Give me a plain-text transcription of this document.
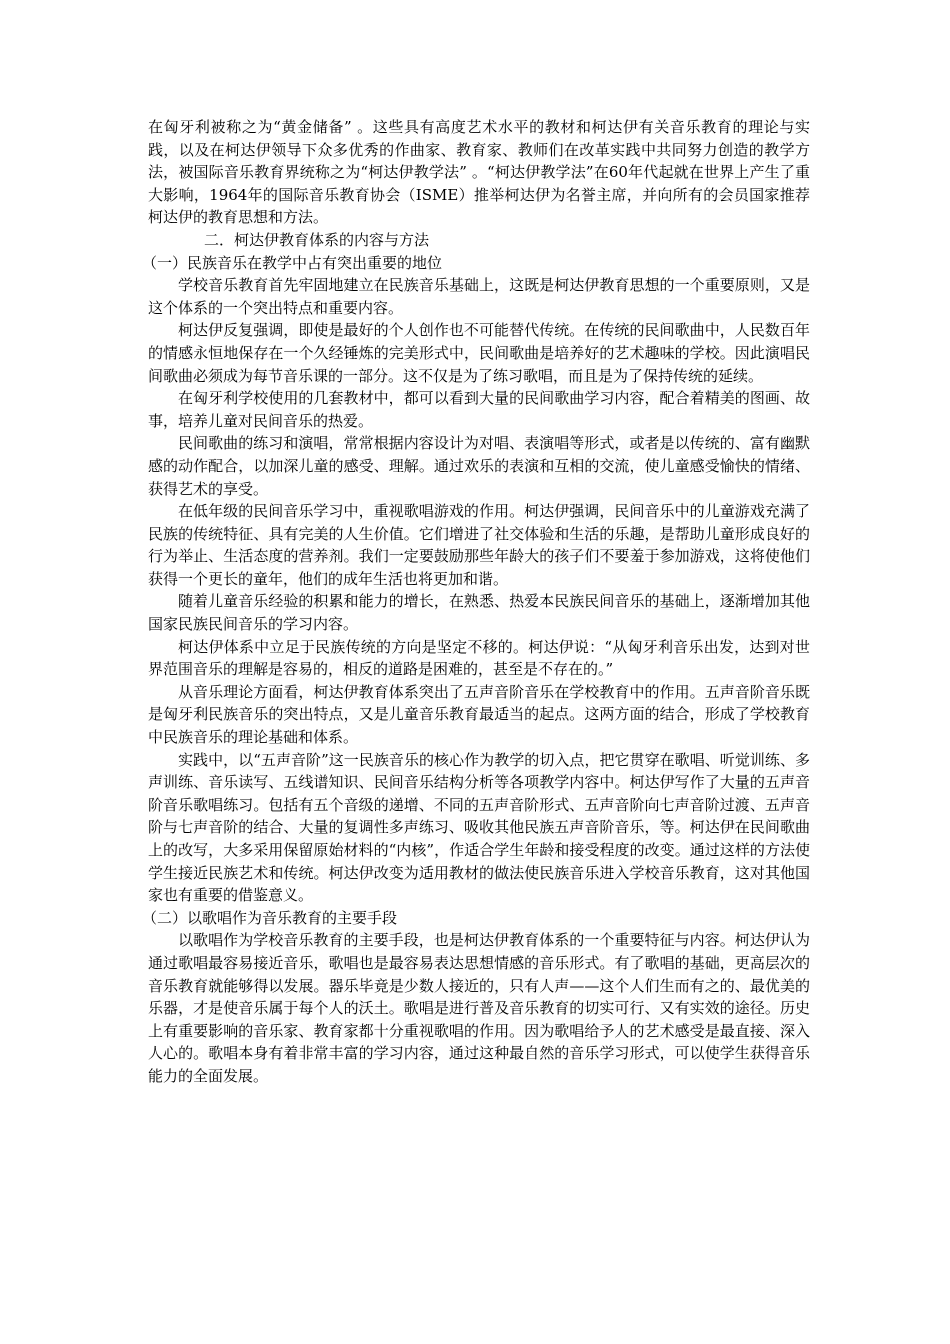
在匈牙利被称之为“黄金储备” 。这些具有高度艺术水平的教材和柯达伊有关音乐教育的理论与实践，以及在柯达伊领导下众多优秀的作曲家、教育家、教师们在改革实践中共同努力创造的教学方法，被国际音乐教育界统称之为“柯达伊教学法” 。“柯达伊教学法”在60年代起就在世界上产生了重大影响，1964年的国际音乐教育协会（ISME）推举柯达伊为名誉主席，并向所有的会员国家推荐柯达伊的教育思想和方法。

二．柯达伊教育体系的内容与方法

（一）民族音乐在教学中占有突出重要的地位

学校音乐教育首先牢固地建立在民族音乐基础上，这既是柯达伊教育思想的一个重要原则，又是这个体系的一个突出特点和重要内容。

柯达伊反复强调，即使是最好的个人创作也不可能替代传统。在传统的民间歌曲中，人民数百年的情感永恒地保存在一个久经锤炼的完美形式中，民间歌曲是培养好的艺术趣味的学校。因此演唱民间歌曲必须成为每节音乐课的一部分。这不仅是为了练习歌唱，而且是为了保持传统的延续。

在匈牙利学校使用的几套教材中，都可以看到大量的民间歌曲学习内容，配合着精美的图画、故事，培养儿童对民间音乐的热爱。

民间歌曲的练习和演唱，常常根据内容设计为对唱、表演唱等形式，或者是以传统的、富有幽默感的动作配合，以加深儿童的感受、理解。通过欢乐的表演和互相的交流，使儿童感受愉快的情绪、获得艺术的享受。

在低年级的民间音乐学习中，重视歌唱游戏的作用。柯达伊强调，民间音乐中的儿童游戏充满了民族的传统特征、具有完美的人生价值。它们增进了社交体验和生活的乐趣，是帮助儿童形成良好的行为举止、生活态度的营养剂。我们一定要鼓励那些年龄大的孩子们不要羞于参加游戏，这将使他们获得一个更长的童年，他们的成年生活也将更加和谐。

随着儿童音乐经验的积累和能力的增长，在熟悉、热爱本民族民间音乐的基础上，逐渐增加其他国家民族民间音乐的学习内容。

柯达伊体系中立足于民族传统的方向是坚定不移的。柯达伊说：“从匈牙利音乐出发，达到对世界范围音乐的理解是容易的，相反的道路是困难的，甚至是不存在的。”

从音乐理论方面看，柯达伊教育体系突出了五声音阶音乐在学校教育中的作用。五声音阶音乐既是匈牙利民族音乐的突出特点，又是儿童音乐教育最适当的起点。这两方面的结合，形成了学校教育中民族音乐的理论基础和体系。

实践中，以“五声音阶”这一民族音乐的核心作为教学的切入点，把它贯穿在歌唱、听觉训练、多声训练、音乐读写、五线谱知识、民间音乐结构分析等各项教学内容中。柯达伊写作了大量的五声音阶音乐歌唱练习。包括有五个音级的递增、不同的五声音阶形式、五声音阶向七声音阶过渡、五声音阶与七声音阶的结合、大量的复调性多声练习、吸收其他民族五声音阶音乐，等。柯达伊在民间歌曲上的改写，大多采用保留原始材料的“内核”，作适合学生年龄和接受程度的改变。通过这样的方法使学生接近民族艺术和传统。柯达伊改变为适用教材的做法使民族音乐进入学校音乐教育，这对其他国家也有重要的借鉴意义。

（二）以歌唱作为音乐教育的主要手段

以歌唱作为学校音乐教育的主要手段，也是柯达伊教育体系的一个重要特征与内容。柯达伊认为通过歌唱最容易接近音乐，歌唱也是最容易表达思想情感的音乐形式。有了歌唱的基础，更高层次的音乐教育就能够得以发展。器乐毕竟是少数人接近的，只有人声——这个人们生而有之的、最优美的乐器，才是使音乐属于每个人的沃土。歌唱是进行普及音乐教育的切实可行、又有实效的途径。历史上有重要影响的音乐家、教育家都十分重视歌唱的作用。因为歌唱给予人的艺术感受是最直接、深入人心的。歌唱本身有着非常丰富的学习内容，通过这种最自然的音乐学习形式，可以使学生获得音乐能力的全面发展。
